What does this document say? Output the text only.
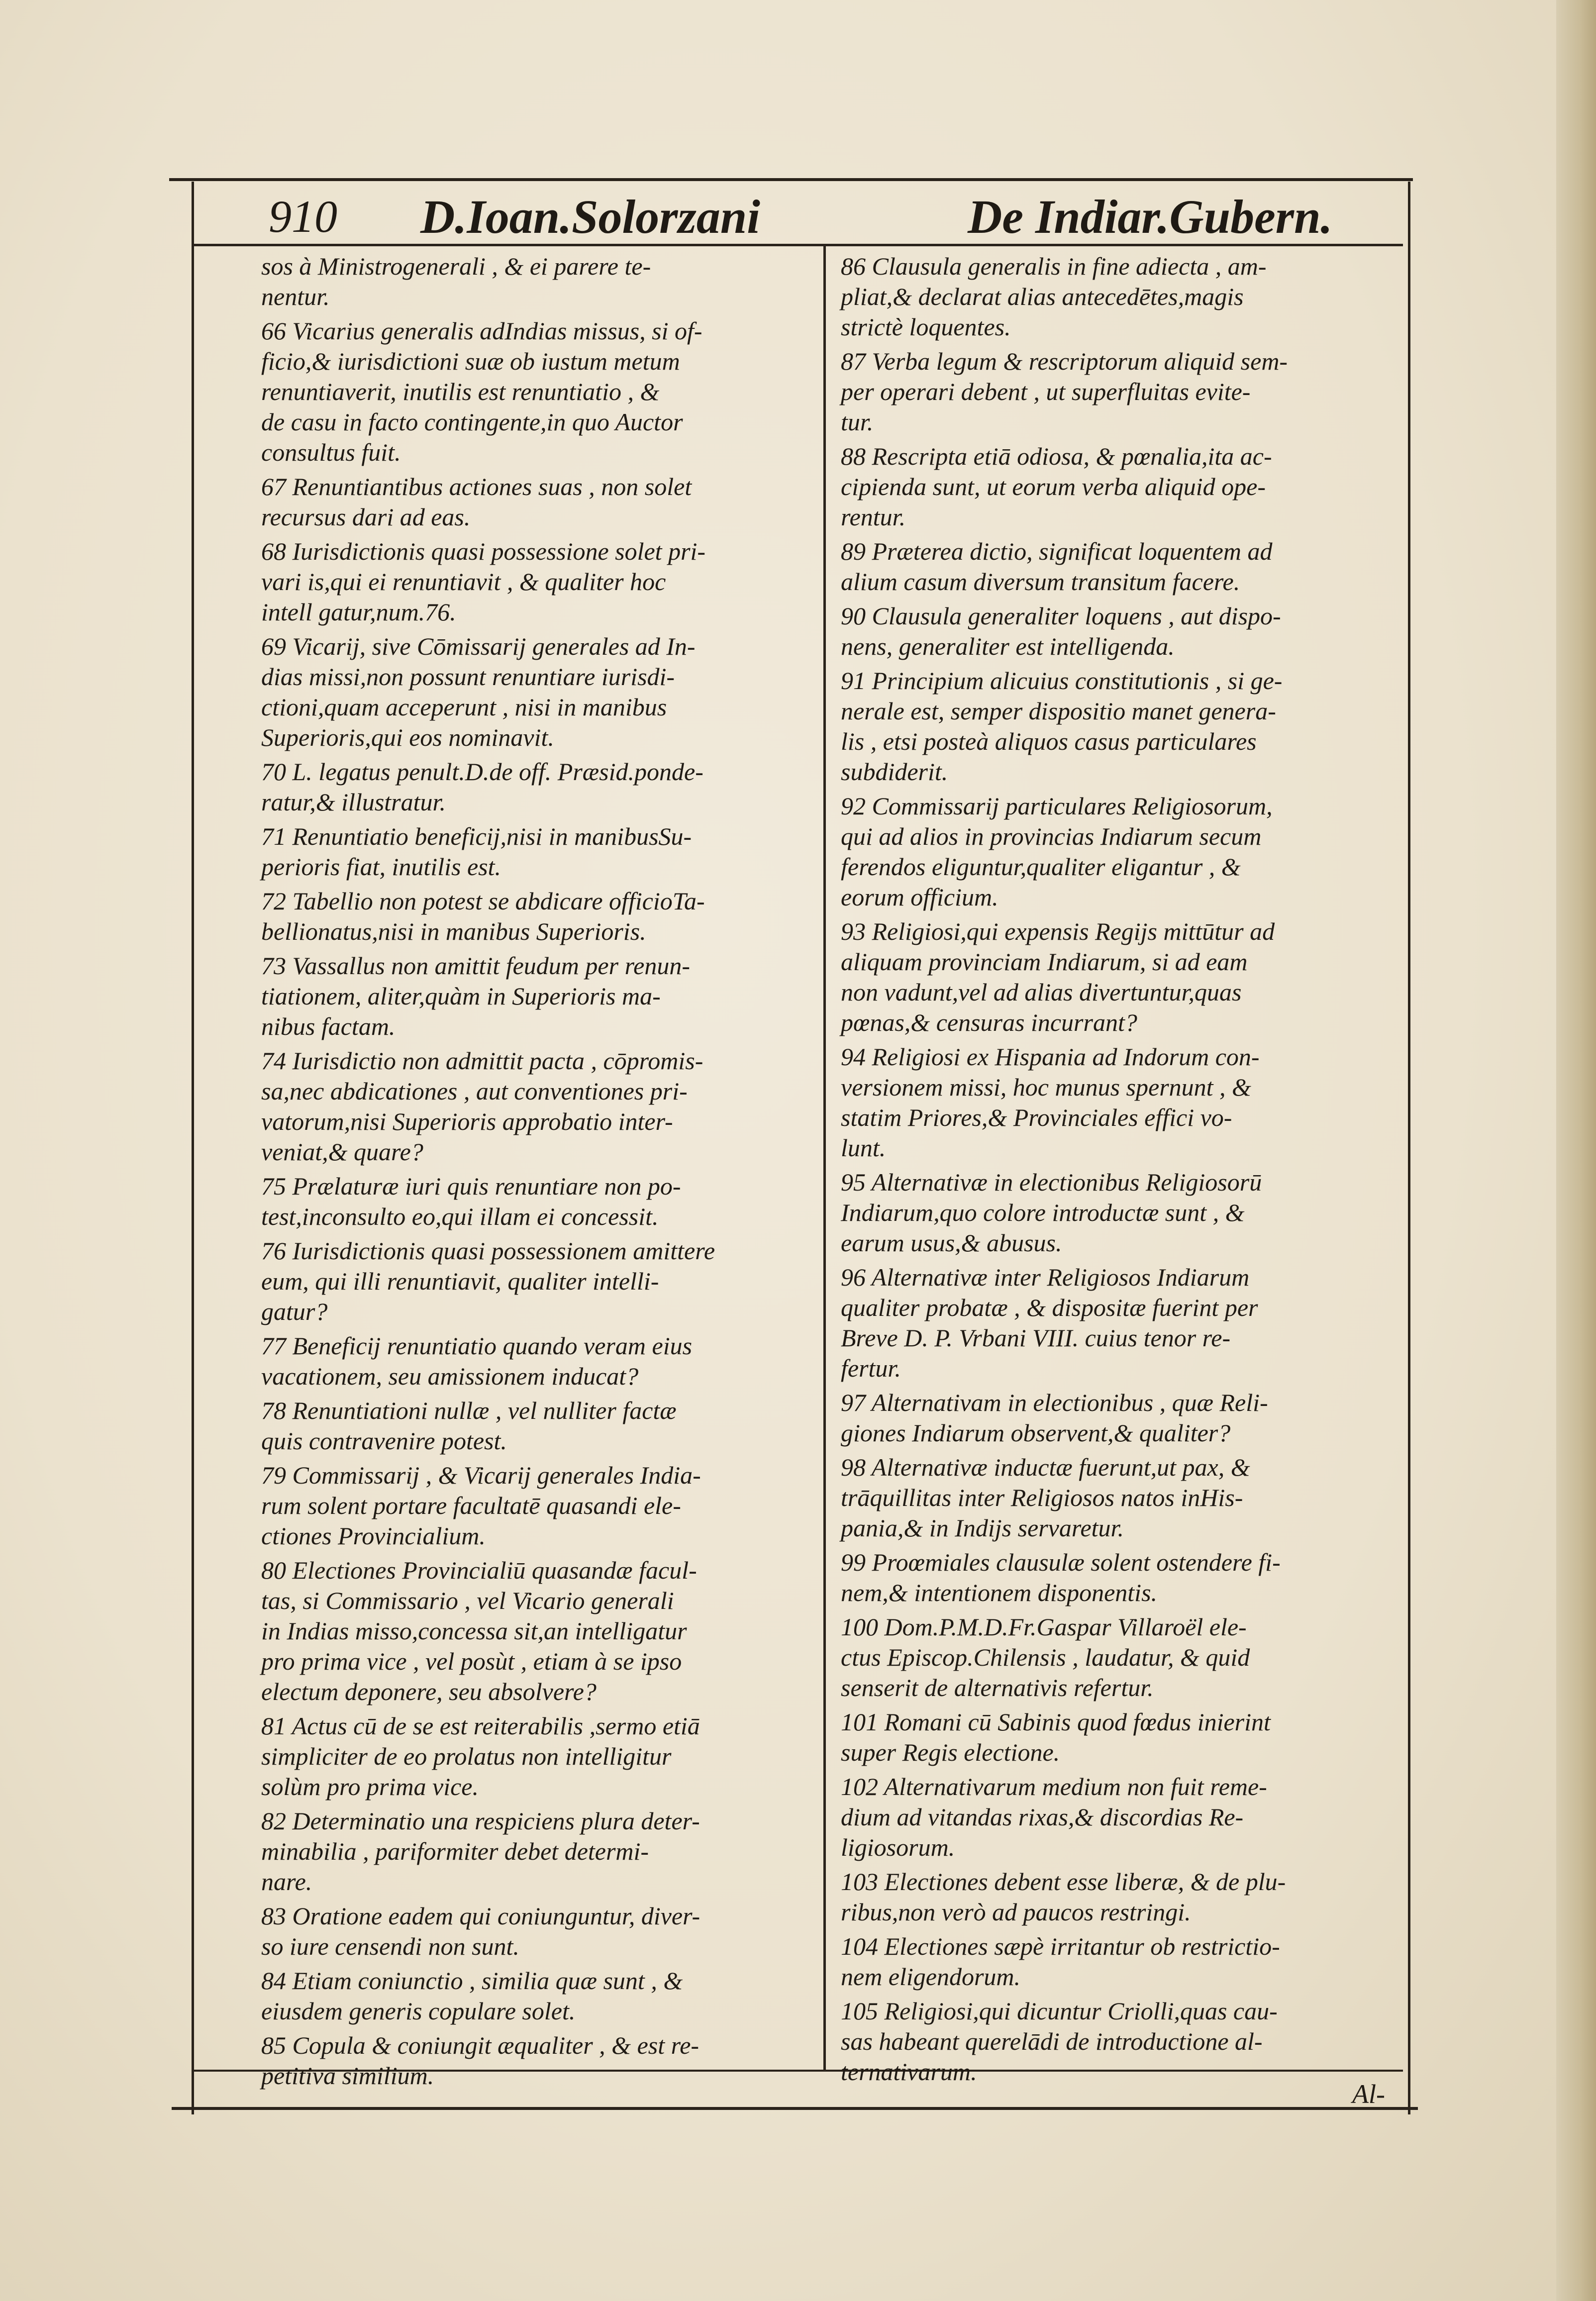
910 D.Ioan.Solorzani	De Indiar.Gubern.
sos à Ministrogenerali , & ei parere te-
nentur.
66 Vicarius generalis adIndias missus, si of-
ficio,& iurisdictioni suæ ob iustum metum
renuntiaverit, inutilis est renuntiatio , &
de casu in facto contingente,in quo Auctor
consultus fuit.
67 Renuntiantibus actiones suas , non solet
recursus dari ad eas.
68 Iurisdictionis quasi possessione solet pri-
vari is,qui ei renuntiavit , & qualiter hoc
intell gatur,num.76.
69 Vicarij, sive Cōmissarij generales ad In-
dias missi,non possunt renuntiare iurisdi-
ctioni,quam acceperunt , nisi in manibus
Superioris,qui eos nominavit.
70 L. legatus penult.D.de off. Præsid.ponde-
ratur,& illustratur.
71 Renuntiatio beneficij,nisi in manibusSu-
perioris fiat, inutilis est.
72 Tabellio non potest se abdicare officioTa-
bellionatus,nisi in manibus Superioris.
73 Vassallus non amittit feudum per renun-
tiationem, aliter,quàm in Superioris ma-
nibus factam.
74 Iurisdictio non admittit pacta , cōpromis-
sa,nec abdicationes , aut conventiones pri-
vatorum,nisi Superioris approbatio inter-
veniat,& quare?
75 Prælaturæ iuri quis renuntiare non po-
test,inconsulto eo,qui illam ei concessit.
76 Iurisdictionis quasi possessionem amittere
eum, qui illi renuntiavit, qualiter intelli-
gatur?
77 Beneficij renuntiatio quando veram eius
vacationem, seu amissionem inducat?
78 Renuntiationi nullæ , vel nulliter factæ
quis contravenire potest.
79 Commissarij , & Vicarij generales India-
rum solent portare facultatē quasandi ele-
ctiones Provincialium.
80 Electiones Provincialiū quasandæ facul-
tas, si Commissario , vel Vicario generali
in Indias misso,concessa sit,an intelligatur
pro prima vice , vel posùt , etiam à se ipso
electum deponere, seu absolvere?
81 Actus cū de se est reiterabilis ,sermo etiā
simpliciter de eo prolatus non intelligitur
solùm pro prima vice.
82 Determinatio una respiciens plura deter-
minabilia , pariformiter debet determi-
nare.
83 Oratione eadem qui coniunguntur, diver-
so iure censendi non sunt.
84 Etiam coniunctio , similia quæ sunt , &
eiusdem generis copulare solet.
85 Copula & coniungit æqualiter , & est re-
petitiva similium.
86 Clausula generalis in fine adiecta , am-
pliat,& declarat alias antecedētes,magis
strictè loquentes.
87 Verba legum & rescriptorum aliquid sem-
per operari debent , ut superfluitas evite-
tur.
88 Rescripta etiā odiosa, & pœnalia,ita ac-
cipienda sunt, ut eorum verba aliquid ope-
rentur.
89 Præterea dictio, significat loquentem ad
alium casum diversum transitum facere.
90 Clausula generaliter loquens , aut dispo-
nens, generaliter est intelligenda.
91 Principium alicuius constitutionis , si ge-
nerale est, semper dispositio manet genera-
lis , etsi posteà aliquos casus particulares
subdiderit.
92 Commissarij particulares Religiosorum,
qui ad alios in provincias Indiarum secum
ferendos eliguntur,qualiter eligantur , &
eorum officium.
93 Religiosi,qui expensis Regijs mittūtur ad
aliquam provinciam Indiarum, si ad eam
non vadunt,vel ad alias divertuntur,quas
pœnas,& censuras incurrant?
94 Religiosi ex Hispania ad Indorum con-
versionem missi, hoc munus spernunt , &
statim Priores,& Provinciales effici vo-
lunt.
95 Alternativæ in electionibus Religiosorū
Indiarum,quo colore introductæ sunt , &
earum usus,& abusus.
96 Alternativæ inter Religiosos Indiarum
qualiter probatæ , & dispositæ fuerint per
Breve D. P. Vrbani VIII. cuius tenor re-
fertur.
97 Alternativam in electionibus , quæ Reli-
giones Indiarum observent,& qualiter?
98 Alternativæ inductæ fuerunt,ut pax, &
trāquillitas inter Religiosos natos inHis-
pania,& in Indijs servaretur.
99 Proœmiales clausulæ solent ostendere fi-
nem,& intentionem disponentis.
100 Dom.P.M.D.Fr.Gaspar Villaroël ele-
ctus Episcop.Chilensis , laudatur, & quid
senserit de alternativis refertur.
101 Romani cū Sabinis quod fœdus inierint
super Regis electione.
102 Alternativarum medium non fuit reme-
dium ad vitandas rixas,& discordias Re-
ligiosorum.
103 Electiones debent esse liberæ, & de plu-
ribus,non verò ad paucos restringi.
104 Electiones sæpè irritantur ob restrictio-
nem eligendorum.
105 Religiosi,qui dicuntur Criolli,quas cau-
sas habeant querelādi de introductione al-
ternativarum.
Al-
